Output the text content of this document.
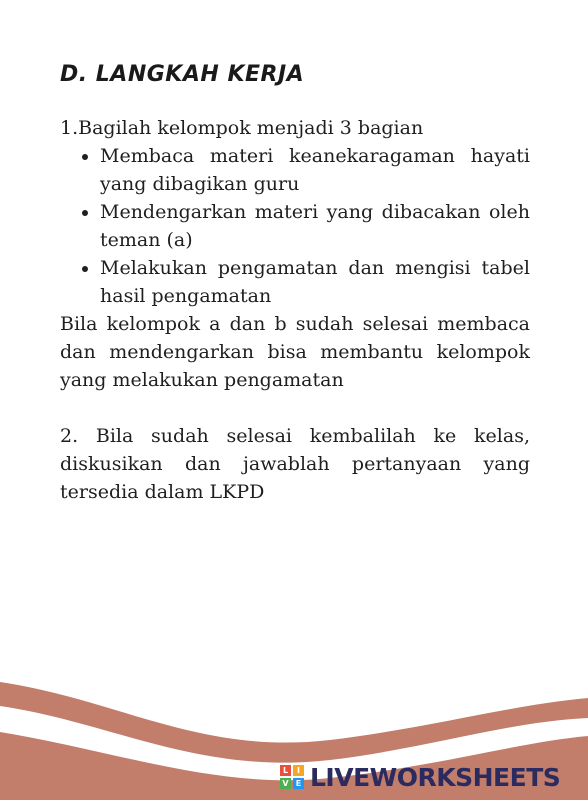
D. LANGKAH KERJA

1.Bagilah kelompok menjadi 3 bagian

• Membaca materi keanekaragaman hayati yang dibagikan guru
• Mendengarkan materi yang dibacakan oleh teman (a)
• Melakukan pengamatan dan mengisi tabel hasil pengamatan

Bila kelompok a dan b sudah selesai membaca dan mendengarkan bisa membantu kelompok yang melakukan pengamatan

2. Bila sudah selesai kembalilah ke kelas, diskusikan dan jawablah pertanyaan yang tersedia dalam LKPD

L	I
V E LIVEWORKSHEETS
